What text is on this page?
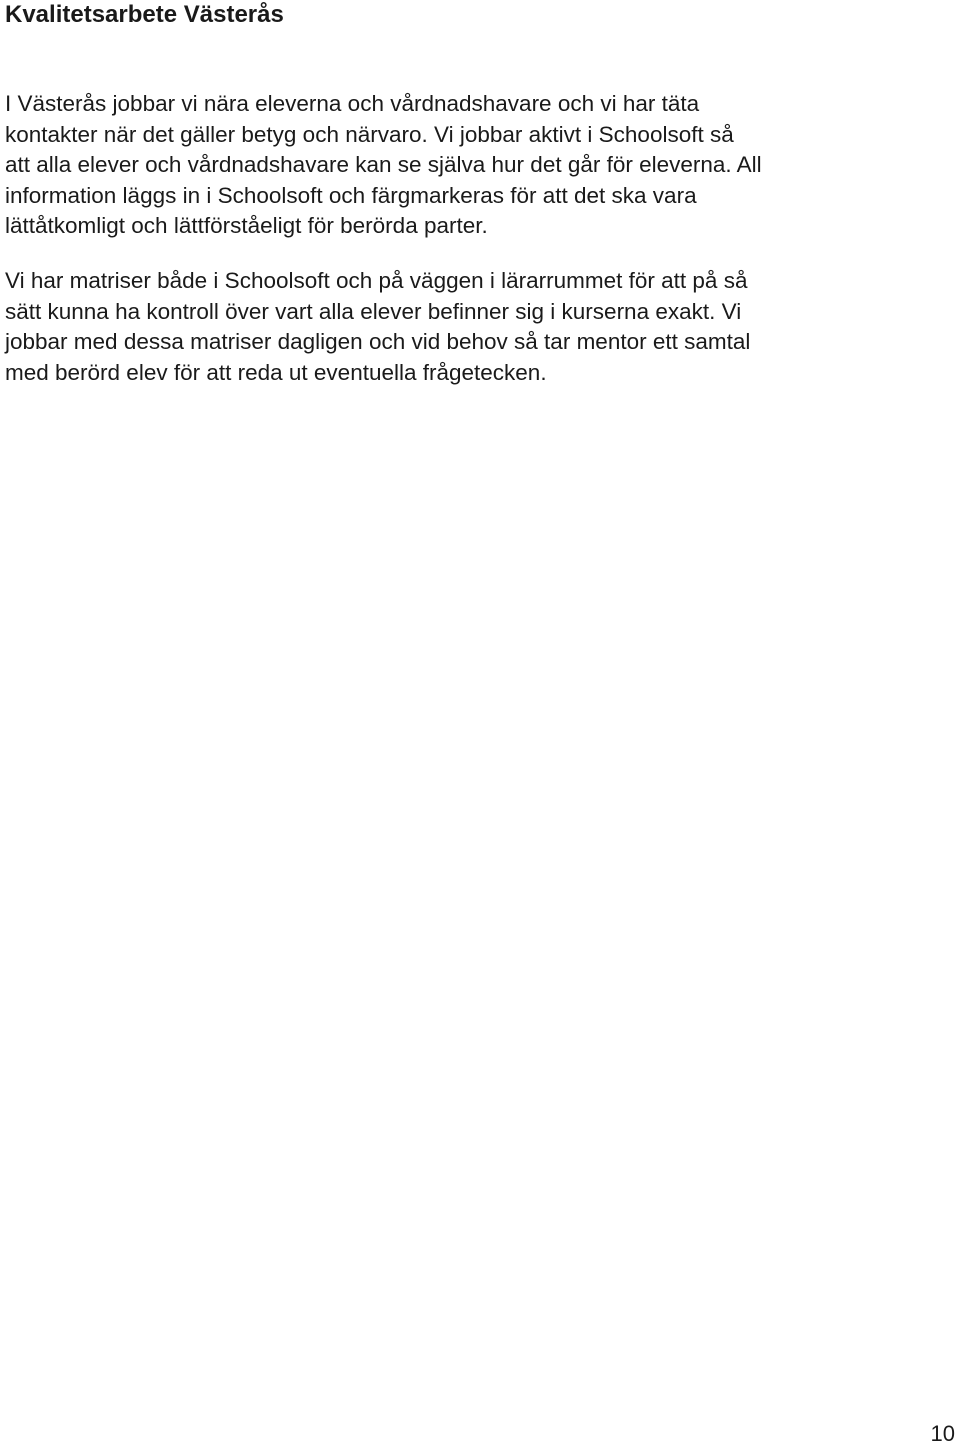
Kvalitetsarbete Västerås

I Västerås jobbar vi nära eleverna och vårdnadshavare och vi har täta
kontakter när det gäller betyg och närvaro. Vi jobbar aktivt i Schoolsoft så
att alla elever och vårdnadshavare kan se själva hur det går för eleverna. All
information läggs in i Schoolsoft och färgmarkeras för att det ska vara
lättåtkomligt och lättförståeligt för berörda parter.

Vi har matriser både i Schoolsoft och på väggen i lärarrummet för att på så
sätt kunna ha kontroll över vart alla elever befinner sig i kurserna exakt. Vi
jobbar med dessa matriser dagligen och vid behov så tar mentor ett samtal
med berörd elev för att reda ut eventuella frågetecken.

10
